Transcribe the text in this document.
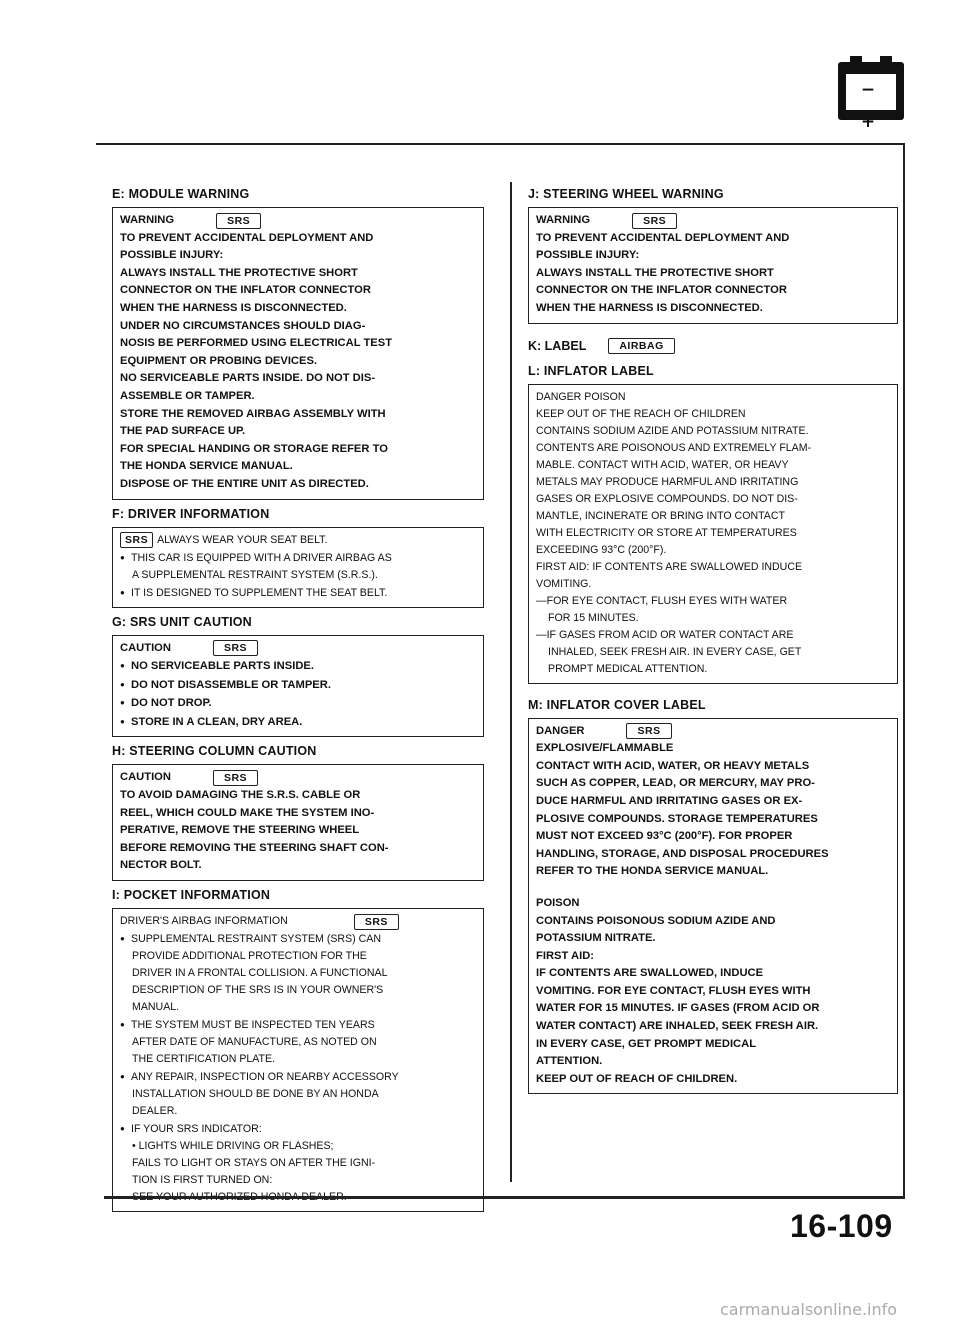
− +
E: MODULE WARNING
WARNING	SRS
TO PREVENT ACCIDENTAL DEPLOYMENT AND
POSSIBLE INJURY:
ALWAYS INSTALL THE PROTECTIVE SHORT
CONNECTOR ON THE INFLATOR CONNECTOR
WHEN THE HARNESS IS DISCONNECTED.
UNDER NO CIRCUMSTANCES SHOULD DIAG-
NOSIS BE PERFORMED USING ELECTRICAL TEST
EQUIPMENT OR PROBING DEVICES.
NO SERVICEABLE PARTS INSIDE. DO NOT DIS-
ASSEMBLE OR TAMPER.
STORE THE REMOVED AIRBAG ASSEMBLY WITH
THE PAD SURFACE UP.
FOR SPECIAL HANDING OR STORAGE REFER TO
THE HONDA SERVICE MANUAL.
DISPOSE OF THE ENTIRE UNIT AS DIRECTED.
F: DRIVER INFORMATION
SRS ALWAYS WEAR YOUR SEAT BELT.
● THIS CAR IS EQUIPPED WITH A DRIVER AIRBAG AS
A SUPPLEMENTAL RESTRAINT SYSTEM (S.R.S.).
● IT IS DESIGNED TO SUPPLEMENT THE SEAT BELT.
G: SRS UNIT CAUTION
CAUTION	SRS
● NO SERVICEABLE PARTS INSIDE.
● DO NOT DISASSEMBLE OR TAMPER.
● DO NOT DROP.
● STORE IN A CLEAN, DRY AREA.
H: STEERING COLUMN CAUTION
CAUTION	SRS
TO AVOID DAMAGING THE S.R.S. CABLE OR
REEL, WHICH COULD MAKE THE SYSTEM INO-
PERATIVE, REMOVE THE STEERING WHEEL
BEFORE REMOVING THE STEERING SHAFT CON-
NECTOR BOLT.
I: POCKET INFORMATION
DRIVER'S AIRBAG INFORMATION	SRS
● SUPPLEMENTAL RESTRAINT SYSTEM (SRS) CAN
PROVIDE ADDITIONAL PROTECTION FOR THE
DRIVER IN A FRONTAL COLLISION. A FUNCTIONAL
DESCRIPTION OF THE SRS IS IN YOUR OWNER'S
MANUAL.
● THE SYSTEM MUST BE INSPECTED TEN YEARS
AFTER DATE OF MANUFACTURE, AS NOTED ON
THE CERTIFICATION PLATE.
● ANY REPAIR, INSPECTION OR NEARBY ACCESSORY
INSTALLATION SHOULD BE DONE BY AN HONDA
DEALER.
● IF YOUR SRS INDICATOR:
• LIGHTS WHILE DRIVING OR FLASHES;
FAILS TO LIGHT OR STAYS ON AFTER THE IGNI-
TION IS FIRST TURNED ON:
J: STEERING WHEEL WARNING
WARNING	SRS
TO PREVENT ACCIDENTAL DEPLOYMENT AND
POSSIBLE INJURY:
ALWAYS INSTALL THE PROTECTIVE SHORT
CONNECTOR ON THE INFLATOR CONNECTOR
WHEN THE HARNESS IS DISCONNECTED.
K: LABEL	AIRBAG
L: INFLATOR LABEL
DANGER POISON
KEEP OUT OF THE REACH OF CHILDREN
CONTAINS SODIUM AZIDE AND POTASSIUM NITRATE.
CONTENTS ARE POISONOUS AND EXTREMELY FLAM-
MABLE. CONTACT WITH ACID, WATER, OR HEAVY
METALS MAY PRODUCE HARMFUL AND IRRITATING
GASES OR EXPLOSIVE COMPOUNDS. DO NOT DIS-
MANTLE, INCINERATE OR BRING INTO CONTACT
WITH ELECTRICITY OR STORE AT TEMPERATURES
EXCEEDING 93°C (200°F).
FIRST AID: IF CONTENTS ARE SWALLOWED INDUCE
VOMITING.
—FOR EYE CONTACT, FLUSH EYES WITH WATER
FOR 15 MINUTES.
—IF GASES FROM ACID OR WATER CONTACT ARE
INHALED, SEEK FRESH AIR. IN EVERY CASE, GET
PROMPT MEDICAL ATTENTION.
M: INFLATOR COVER LABEL
DANGER	SRS
EXPLOSIVE/FLAMMABLE
CONTACT WITH ACID, WATER, OR HEAVY METALS
SUCH AS COPPER, LEAD, OR MERCURY, MAY PRO-
DUCE HARMFUL AND IRRITATING GASES OR EX-
PLOSIVE COMPOUNDS. STORAGE TEMPERATURES
MUST NOT EXCEED 93°C (200°F). FOR PROPER
HANDLING, STORAGE, AND DISPOSAL PROCEDURES
REFER TO THE HONDA SERVICE MANUAL.
POISON
CONTAINS POISONOUS SODIUM AZIDE AND
POTASSIUM NITRATE.
FIRST AID:
IF CONTENTS ARE SWALLOWED, INDUCE
VOMITING. FOR EYE CONTACT, FLUSH EYES WITH
WATER FOR 15 MINUTES. IF GASES (FROM ACID OR
WATER CONTACT) ARE INHALED, SEEK FRESH AIR.
IN EVERY CASE, GET PROMPT MEDICAL
ATTENTION.
KEEP OUT OF REACH OF CHILDREN.
16-109
carmanualsonline.info
